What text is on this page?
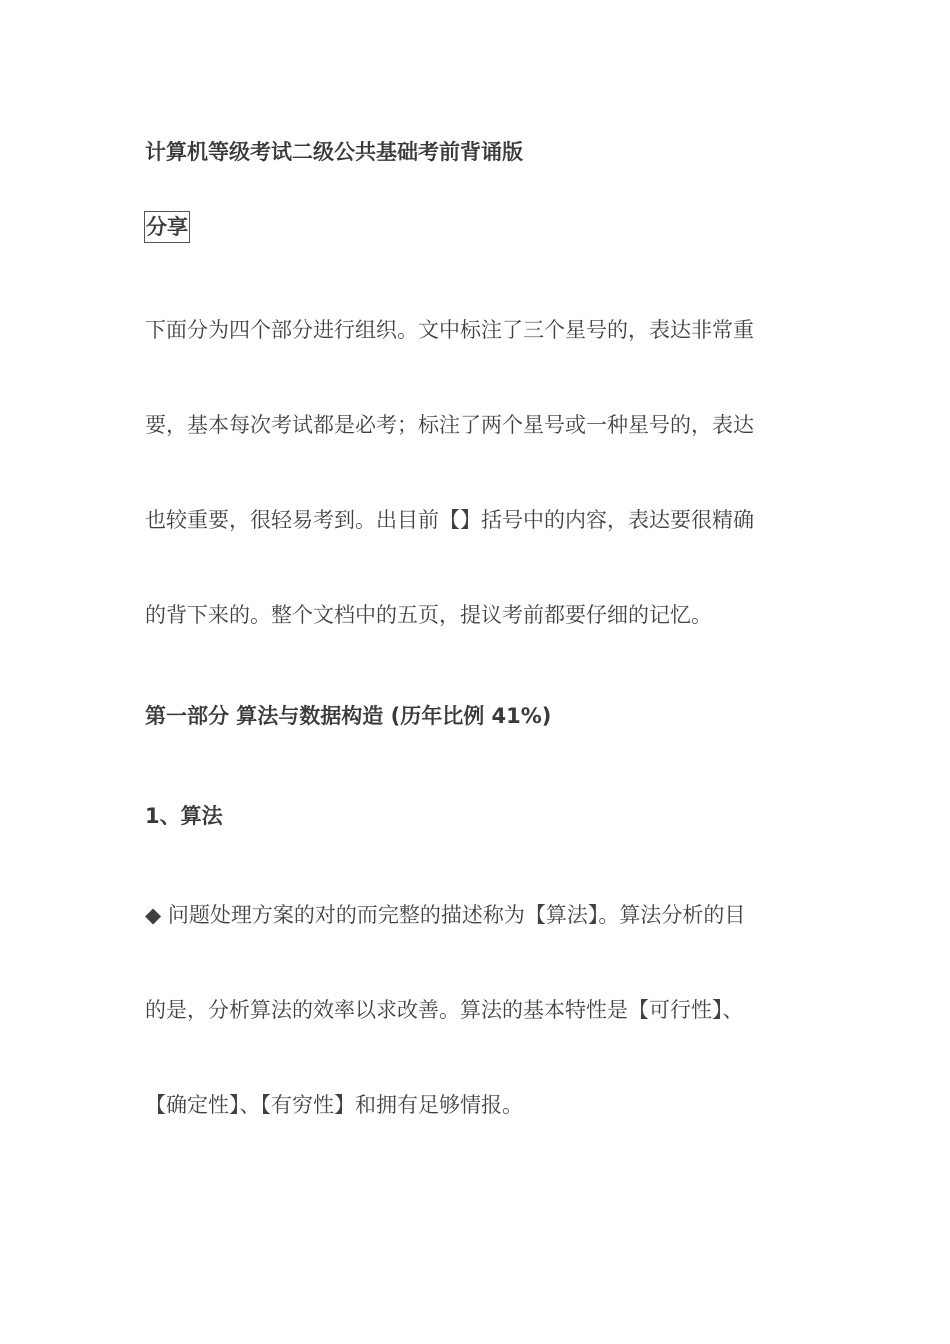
计算机等级考试二级公共基础考前背诵版
分享
下面分为四个部分进行组织。文中标注了三个星号的，表达非常重
要，基本每次考试都是必考；标注了两个星号或一种星号的，表达
也较重要，很轻易考到。出目前【】括号中的内容，表达要很精确
的背下来的。整个文档中的五页，提议考前都要仔细的记忆。
第一部分 算法与数据构造 (历年比例 41%)
1、算法
◆ 问题处理方案的对的而完整的描述称为【算法】。算法分析的目
的是，分析算法的效率以求改善。算法的基本特性是【可行性】、
【确定性】、【有穷性】和拥有足够情报。
